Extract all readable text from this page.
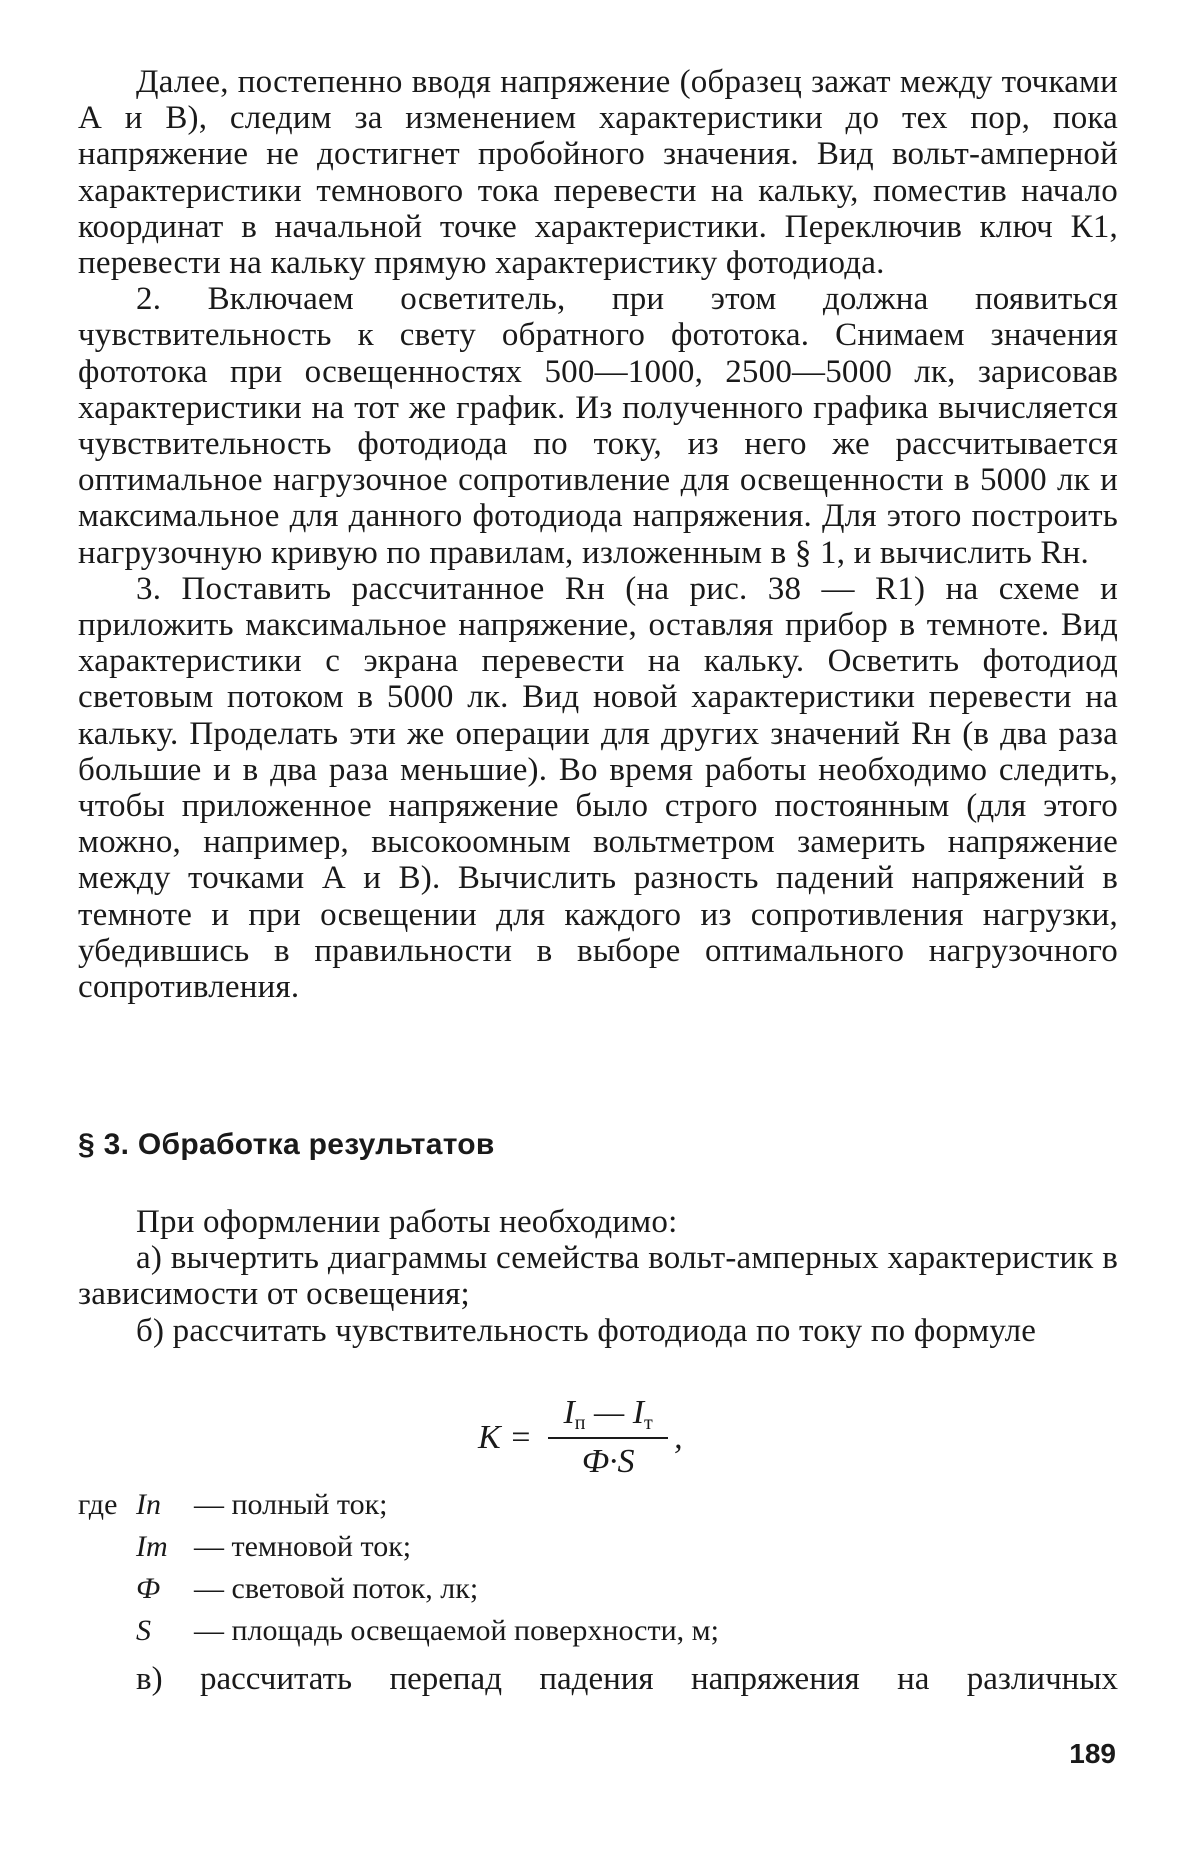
Далее, постепенно вводя напряжение (образец зажат между точками А и В), следим за изменением характеристики до тех пор, пока напряжение не достигнет пробойного значения. Вид вольт-амперной характеристики темнового тока перевести на кальку, поместив начало координат в начальной точке характеристики. Переключив ключ К1, перевести на кальку прямую характеристику фотодиода.

2. Включаем осветитель, при этом должна появиться чувствительность к свету обратного фототока. Снимаем значения фототока при освещенностях 500—1000, 2500—5000 лк, зарисовав характеристики на тот же график. Из полученного графика вычисляется чувствительность фотодиода по току, из него же рассчитывается оптимальное нагрузочное сопротивление для освещенности в 5000 лк и максимальное для данного фотодиода напряжения. Для этого построить нагрузочную кривую по правилам, изложенным в § 1, и вычислить Rн.

3. Поставить рассчитанное Rн (на рис. 38 — R1) на схеме и приложить максимальное напряжение, оставляя прибор в темноте. Вид характеристики с экрана перевести на кальку. Осветить фотодиод световым потоком в 5000 лк. Вид новой характеристики перевести на кальку. Проделать эти же операции для других значений Rн (в два раза большие и в два раза меньшие). Во время работы необходимо следить, чтобы приложенное напряжение было строго постоянным (для этого можно, например, высокоомным вольтметром замерить напряжение между точками А и В). Вычислить разность падений напряжений в темноте и при освещении для каждого из сопротивления нагрузки, убедившись в правильности в выборе оптимального нагрузочного сопротивления.

§ 3. Обработка результатов

При оформлении работы необходимо:

а) вычертить диаграммы семейства вольт-амперных характеристик в зависимости от освещения;

б) рассчитать чувствительность фотодиода по току по формуле

$K = \frac{I_п — I_т}{Ф\cdot S}$ ,
где Iп	— полный ток;
Iт — темновой ток;
Ф	— световой поток, лк;
S	— площадь освещаемой поверхности, м;
в) рассчитать перепад падения напряжения на различных
189
